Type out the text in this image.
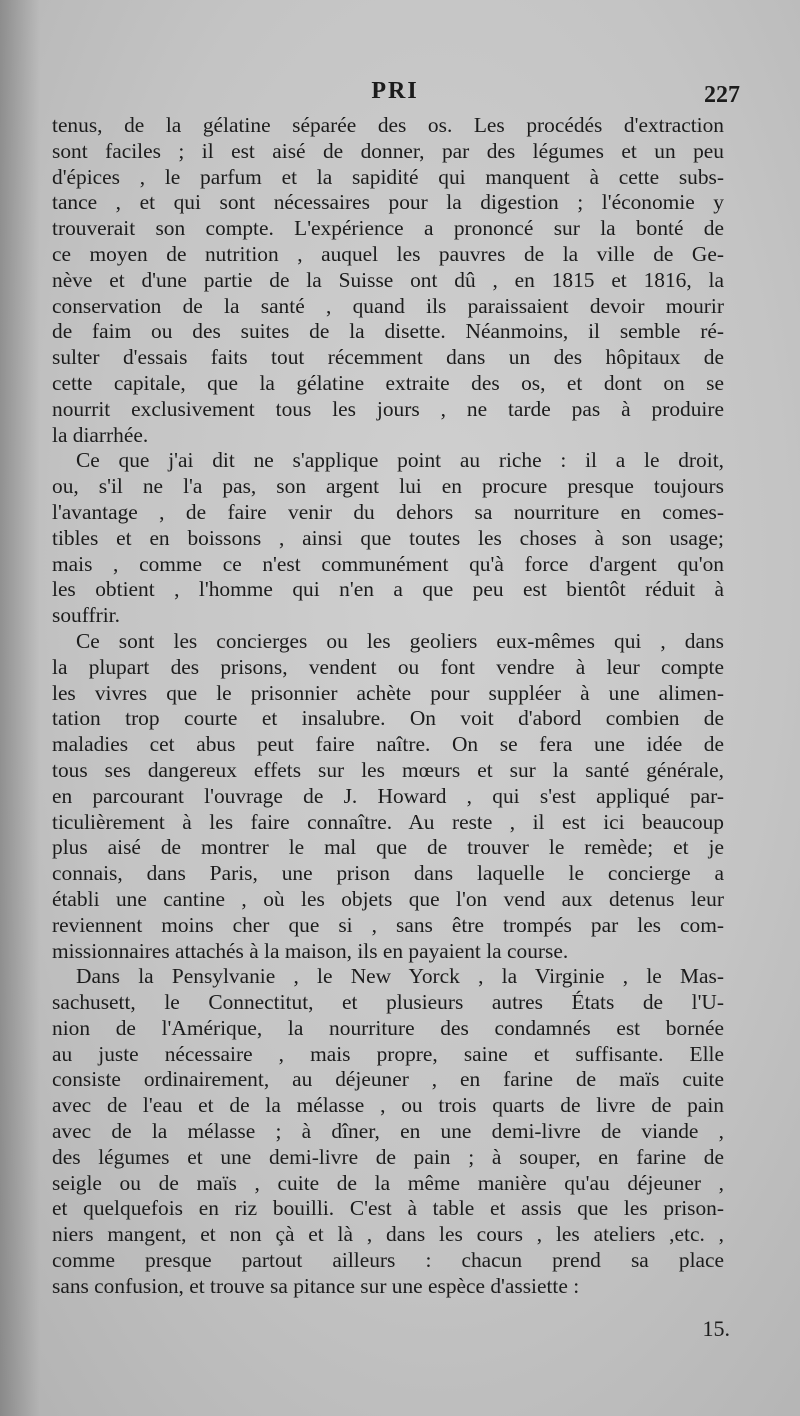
PRI	227
tenus, de la gélatine séparée des os. Les procédés d'extraction
sont faciles ; il est aisé de donner, par des légumes et un peu
d'épices , le parfum et la sapidité qui manquent à cette subs-
tance , et qui sont nécessaires pour la digestion ; l'économie y
trouverait son compte. L'expérience a prononcé sur la bonté de
ce moyen de nutrition , auquel les pauvres de la ville de Ge-
nève et d'une partie de la Suisse ont dû , en 1815 et 1816, la
conservation de la santé , quand ils paraissaient devoir mourir
de faim ou des suites de la disette. Néanmoins, il semble ré-
sulter d'essais faits tout récemment dans un des hôpitaux de
cette capitale, que la gélatine extraite des os, et dont on se
nourrit exclusivement tous les jours , ne tarde pas à produire
la diarrhée.
Ce que j'ai dit ne s'applique point au riche : il a le droit,
ou, s'il ne l'a pas, son argent lui en procure presque toujours
l'avantage , de faire venir du dehors sa nourriture en comes-
tibles et en boissons , ainsi que toutes les choses à son usage;
mais , comme ce n'est communément qu'à force d'argent qu'on
les obtient , l'homme qui n'en a que peu est bientôt réduit à
souffrir.
Ce sont les concierges ou les geoliers eux-mêmes qui , dans
la plupart des prisons, vendent ou font vendre à leur compte
les vivres que le prisonnier achète pour suppléer à une alimen-
tation trop courte et insalubre. On voit d'abord combien de
maladies cet abus peut faire naître. On se fera une idée de
tous ses dangereux effets sur les mœurs et sur la santé générale,
en parcourant l'ouvrage de J. Howard , qui s'est appliqué par-
ticulièrement à les faire connaître. Au reste , il est ici beaucoup
plus aisé de montrer le mal que de trouver le remède; et je
connais, dans Paris, une prison dans laquelle le concierge a
établi une cantine , où les objets que l'on vend aux detenus leur
reviennent moins cher que si , sans être trompés par les com-
missionnaires attachés à la maison, ils en payaient la course.
Dans la Pensylvanie , le New Yorck , la Virginie , le Mas-
sachusett, le Connectitut, et plusieurs autres États de l'U-
nion de l'Amérique, la nourriture des condamnés est bornée
au juste nécessaire , mais propre, saine et suffisante. Elle
consiste ordinairement, au déjeuner , en farine de maïs cuite
avec de l'eau et de la mélasse , ou trois quarts de livre de pain
avec de la mélasse ; à dîner, en une demi-livre de viande ,
des légumes et une demi-livre de pain ; à souper, en farine de
seigle ou de maïs , cuite de la même manière qu'au déjeuner ,
et quelquefois en riz bouilli. C'est à table et assis que les prison-
niers mangent, et non çà et là , dans les cours , les ateliers ,etc. ,
comme presque partout ailleurs : chacun prend sa place
sans confusion, et trouve sa pitance sur une espèce d'assiette :
15.
